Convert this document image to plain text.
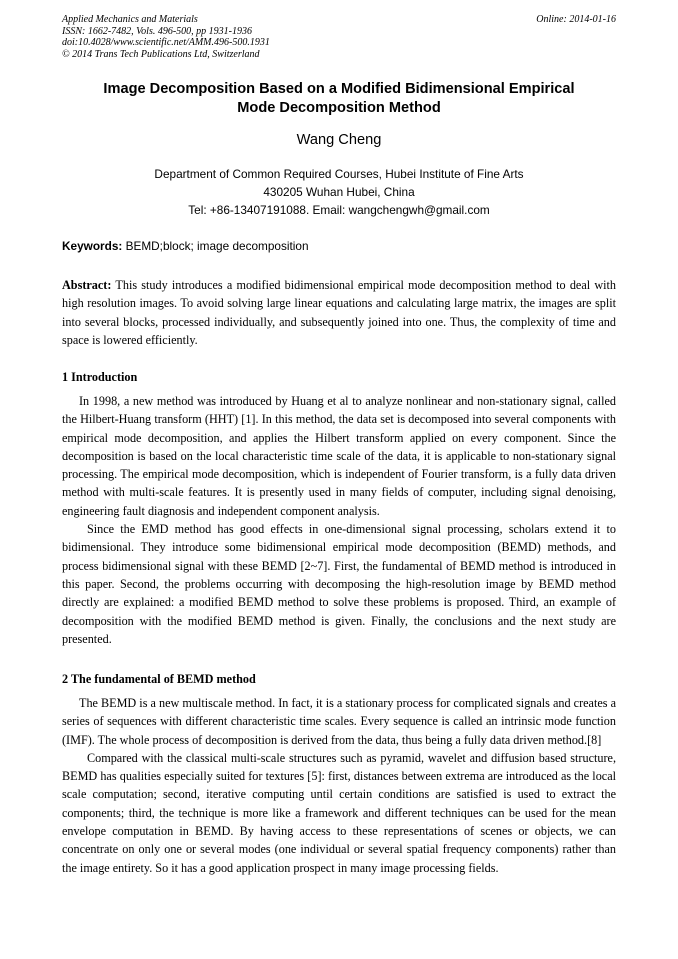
Applied Mechanics and Materials
ISSN: 1662-7482, Vols. 496-500, pp 1931-1936
doi:10.4028/www.scientific.net/AMM.496-500.1931
© 2014 Trans Tech Publications Ltd, Switzerland
Online: 2014-01-16
Image Decomposition Based on a Modified Bidimensional Empirical
Mode Decomposition Method
Wang Cheng
Department of Common Required Courses, Hubei Institute of Fine Arts
430205 Wuhan Hubei, China
Tel: +86-13407191088. Email: wangchengwh@gmail.com
Keywords: BEMD;block; image decomposition
Abstract: This study introduces a modified bidimensional empirical mode decomposition method to deal with high resolution images. To avoid solving large linear equations and calculating large matrix, the images are split into several blocks, processed individually, and subsequently joined into one. Thus, the complexity of time and space is lowered efficiently.
1 Introduction

In 1998, a new method was introduced by Huang et al to analyze nonlinear and non-stationary signal, called the Hilbert-Huang transform (HHT) [1]. In this method, the data set is decomposed into several components with empirical mode decomposition, and applies the Hilbert transform applied on every component. Since the decomposition is based on the local characteristic time scale of the data, it is applicable to non-stationary signal processing. The empirical mode decomposition, which is independent of Fourier transform, is a fully data driven method with multi-scale features. It is presently used in many fields of computer, including signal denoising, engineering fault diagnosis and independent component analysis.

Since the EMD method has good effects in one-dimensional signal processing, scholars extend it to bidimensional. They introduce some bidimensional empirical mode decomposition (BEMD) methods, and process bidimensional signal with these BEMD [2~7]. First, the fundamental of BEMD method is introduced in this paper. Second, the problems occurring with decomposing the high-resolution image by BEMD method directly are explained: a modified BEMD method to solve these problems is proposed. Third, an example of decomposition with the modified BEMD method is given. Finally, the conclusions and the next study are presented.

2 The fundamental of BEMD method

The BEMD is a new multiscale method. In fact, it is a stationary process for complicated signals and creates a series of sequences with different characteristic time scales. Every sequence is called an intrinsic mode function (IMF). The whole process of decomposition is derived from the data, thus being a fully data driven method.[8]

Compared with the classical multi-scale structures such as pyramid, wavelet and diffusion based structure, BEMD has qualities especially suited for textures [5]: first, distances between extrema are introduced as the local scale computation; second, iterative computing until certain conditions are satisfied is used to extract the components; third, the technique is more like a framework and different techniques can be used for the mean envelope computation in BEMD. By having access to these representations of scenes or objects, we can concentrate on only one or several modes (one individual or several spatial frequency components) rather than the image entirety. So it has a good application prospect in many image processing fields.
